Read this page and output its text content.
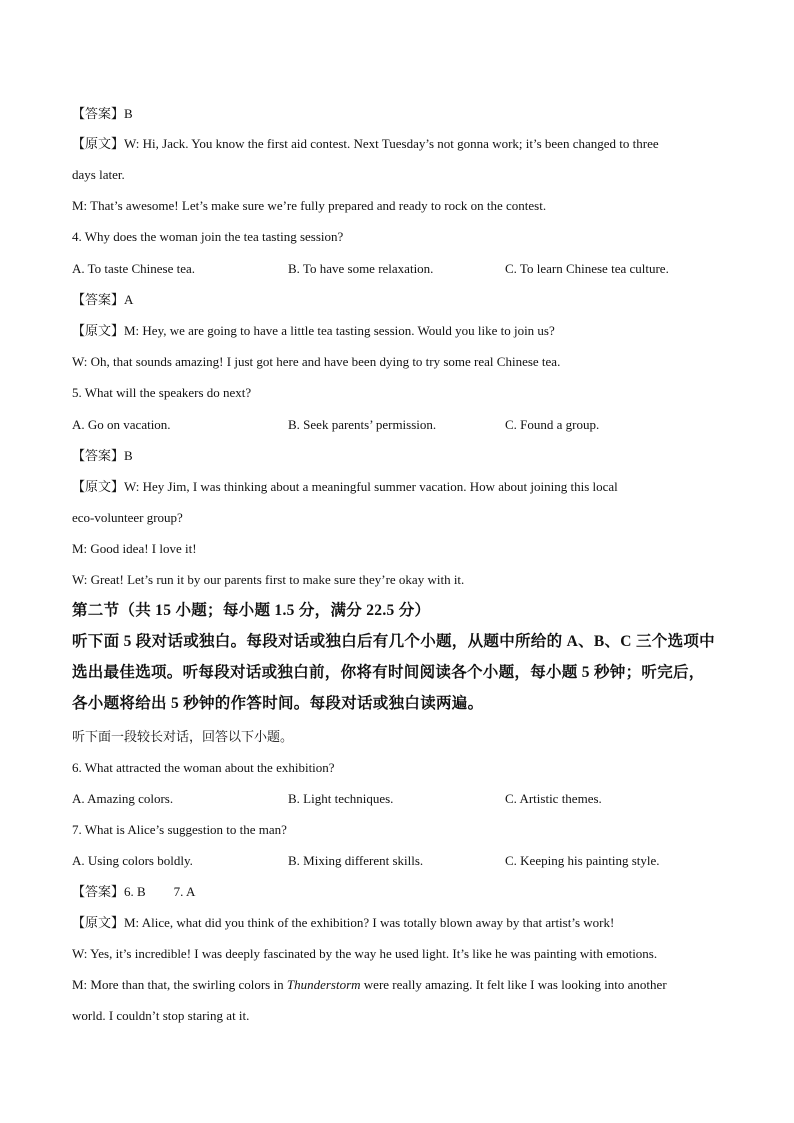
【答案】B
【原文】W: Hi, Jack. You know the first aid contest. Next Tuesday’s not gonna work; it’s been changed to three
days later.
M: That’s awesome! Let’s make sure we’re fully prepared and ready to rock on the contest.
4. Why does the woman join the tea tasting session?
A. To taste Chinese tea.	B. To have some relaxation.	C. To learn Chinese tea culture.
【答案】A
【原文】M: Hey, we are going to have a little tea tasting session. Would you like to join us?
W: Oh, that sounds amazing! I just got here and have been dying to try some real Chinese tea.
5. What will the speakers do next?
A. Go on vacation.	B. Seek parents’ permission.	C. Found a group.
【答案】B
【原文】W: Hey Jim, I was thinking about a meaningful summer vacation. How about joining this local
eco-volunteer group?
M: Good idea! I love it!
W: Great! Let’s run it by our parents first to make sure they’re okay with it.
第二节（共 15 小题；每小题 1.5 分，满分 22.5 分）
听下面 5 段对话或独白。每段对话或独白后有几个小题，从题中所给的 A、B、C 三个选项中
选出最佳选项。听每段对话或独白前，你将有时间阅读各个小题，每小题 5 秒钟；听完后，
各小题将给出 5 秒钟的作答时间。每段对话或独白读两遍。
听下面一段较长对话，回答以下小题。
6. What attracted the woman about the exhibition?
A. Amazing colors.	B. Light techniques.	C. Artistic themes.
7. What is Alice’s suggestion to the man?
A. Using colors boldly.	B. Mixing different skills.	C. Keeping his painting style.
【答案】6. B 7. A
【原文】M: Alice, what did you think of the exhibition? I was totally blown away by that artist’s work!
W: Yes, it’s incredible! I was deeply fascinated by the way he used light. It’s like he was painting with emotions.
M: More than that, the swirling colors in Thunderstorm were really amazing. It felt like I was looking into another
world. I couldn’t stop staring at it.
